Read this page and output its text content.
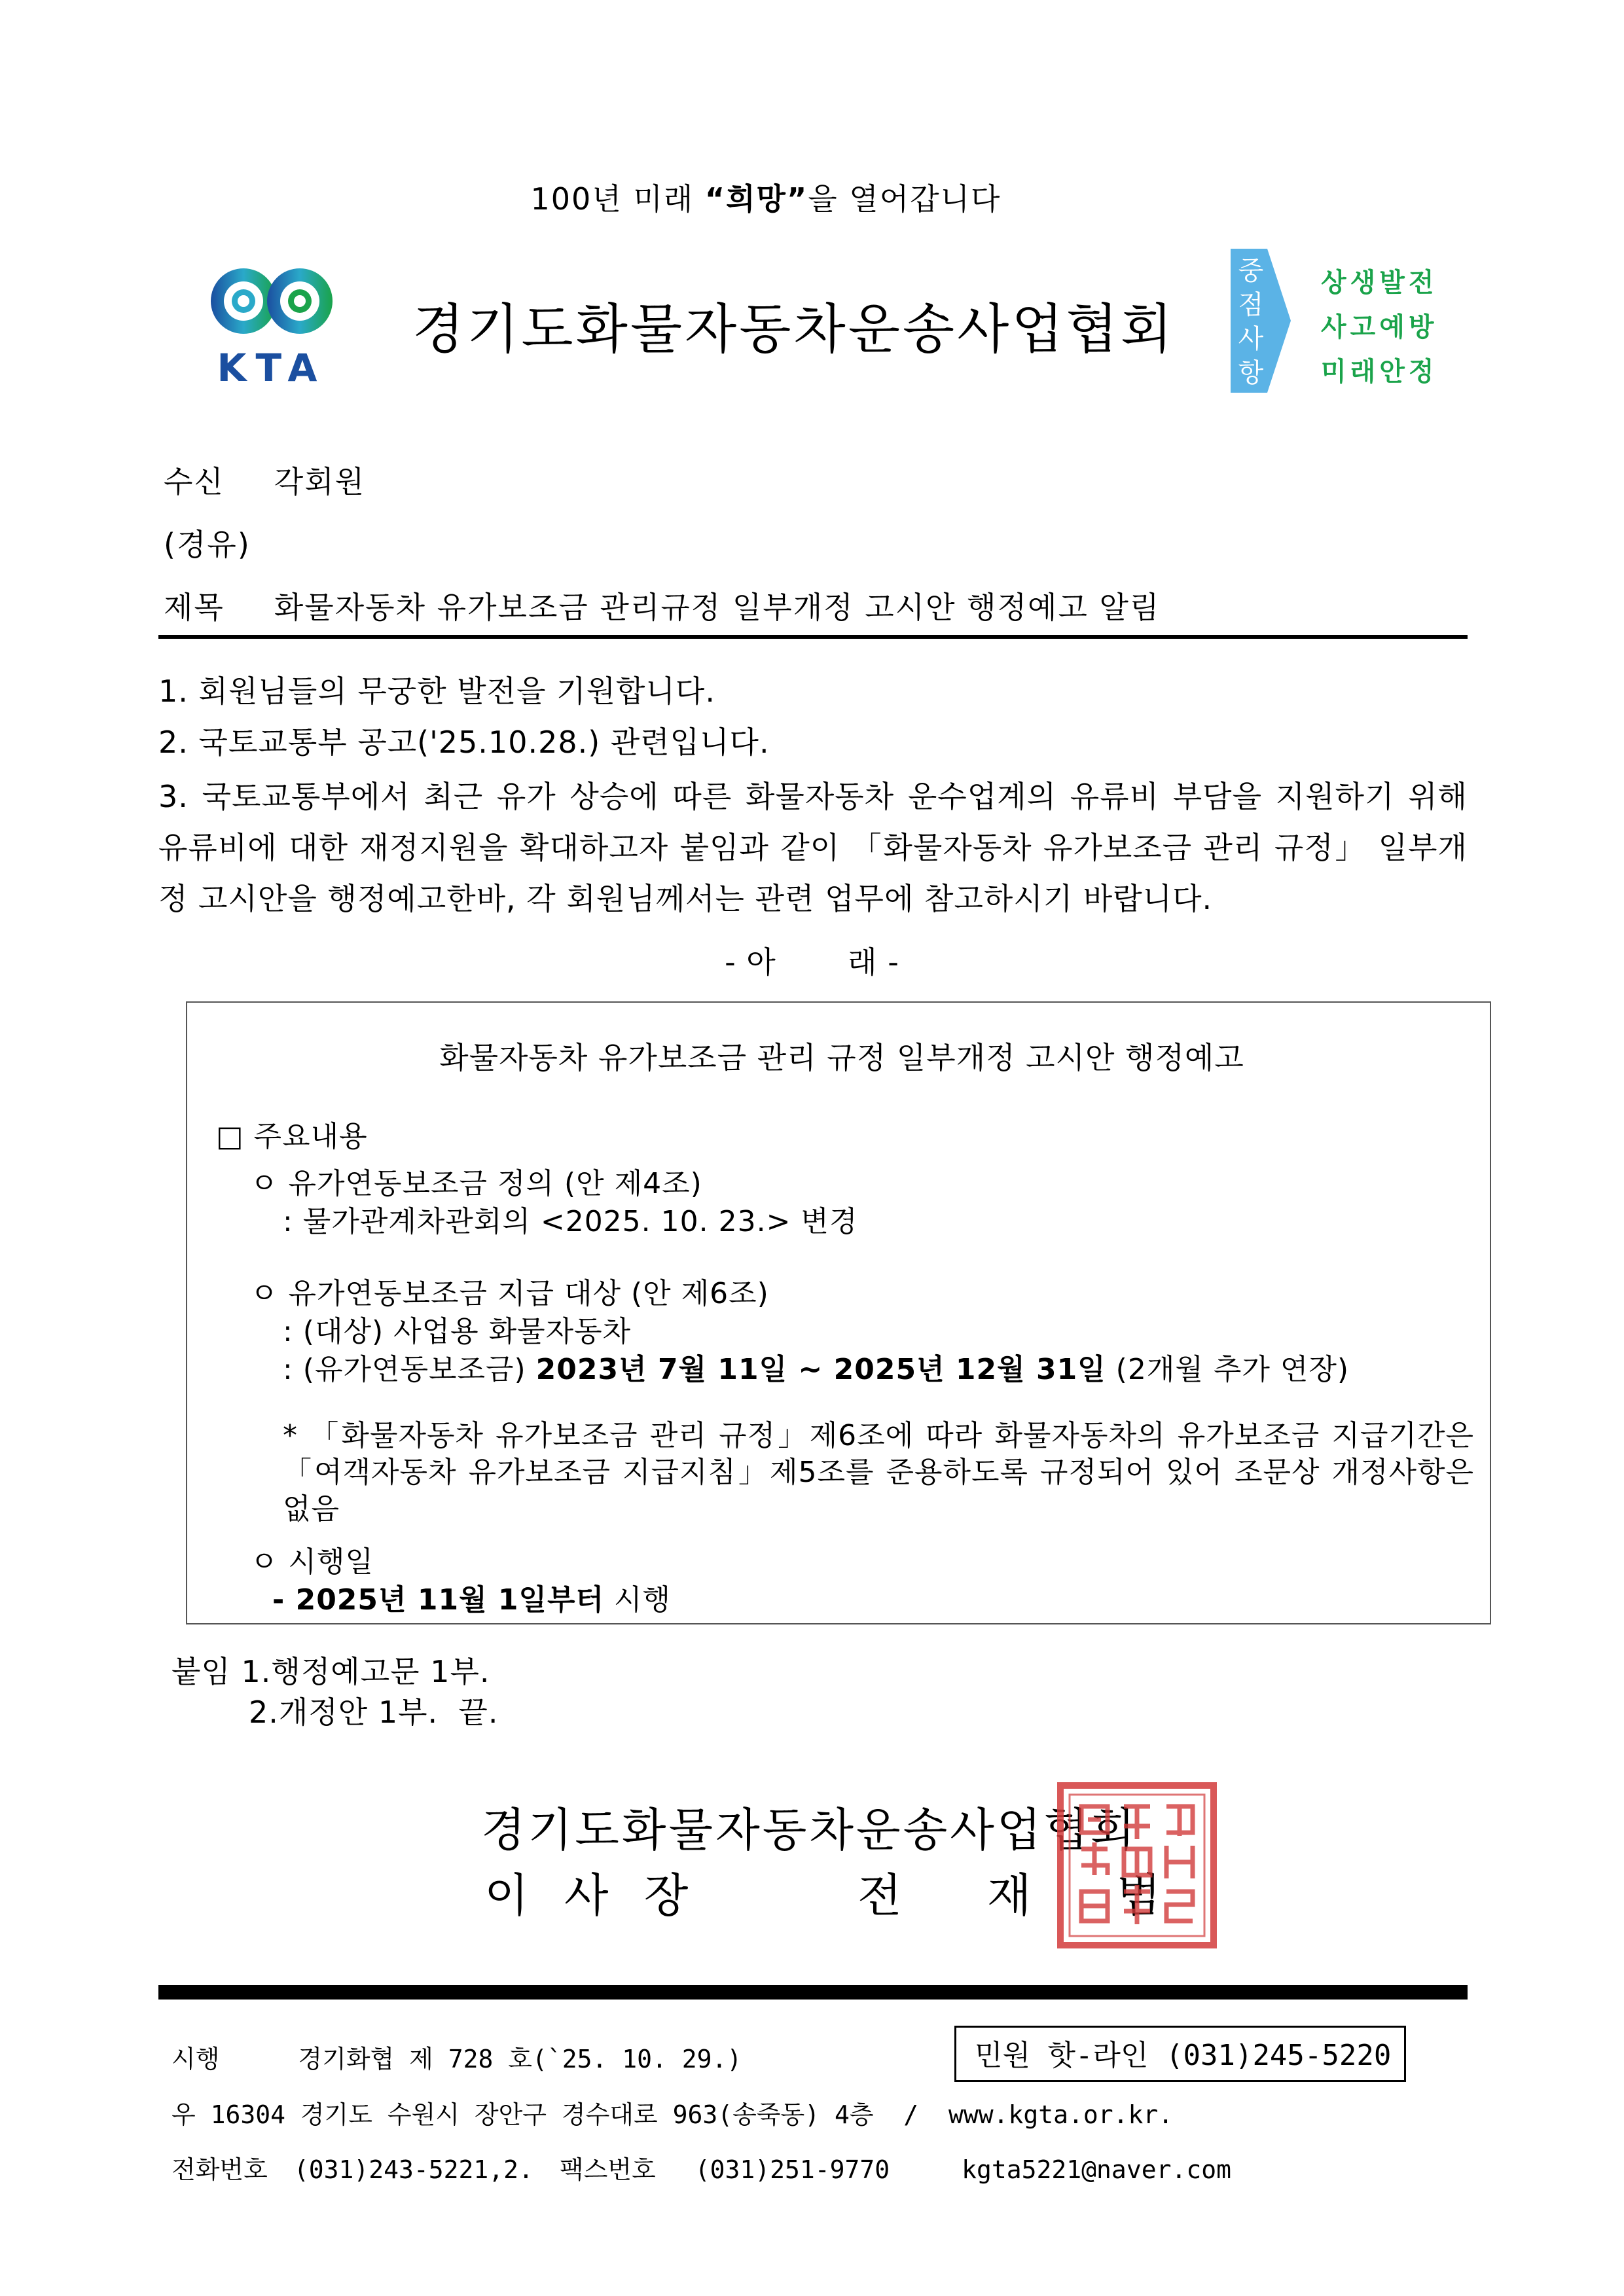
100년 미래 “희망”을 열어갑니다
KTA
경기도화물자동차운송사업협회
중점사항
상생발전
사고예방
미래안정
수신 각회원
(경유)
제목 화물자동차 유가보조금 관리규정 일부개정 고시안 행정예고 알림
1. 회원님들의 무궁한 발전을 기원합니다.
2. 국토교통부 공고('25.10.28.) 관련입니다.
3. 국토교통부에서 최근 유가 상승에 따른 화물자동차 운수업계의 유류비 부담을 지원하기 위해 유류비에 대한 재정지원을 확대하고자 붙임과 같이 「화물자동차 유가보조금 관리 규정」 일부개정 고시안을 행정예고한바, 각 회원님께서는 관련 업무에 참고하시기 바랍니다.
- 아       래 -
화물자동차 유가보조금 관리 규정 일부개정 고시안 행정예고
□ 주요내용
ㅇ 유가연동보조금 정의 (안 제4조)
: 물가관계차관회의 <2025. 10. 23.> 변경
ㅇ 유가연동보조금 지급 대상 (안 제6조)
: (대상) 사업용 화물자동차
: (유가연동보조금) 2023년 7월 11일 ~ 2025년 12월 31일 (2개월 추가 연장)
* 「화물자동차 유가보조금 관리 규정」제6조에 따라 화물자동차의 유가보조금 지급기간은「여객자동차 유가보조금 지급지침」제5조를 준용하도록 규정되어 있어 조문상 개정사항은 없음
ㅇ 시행일
- 2025년 11월 1일부터 시행
붙임 1.행정예고문 1부.
2.개정안 1부.  끝.
경기도화물자동차운송사업협회
이 사 장	전 재 범
시행	경기화협 제 728 호(`25. 10. 29.)	민원 핫-라인 (031)245-5220
우 16304 경기도 수원시 장안구 경수대로 963(송죽동) 4층  /  www.kgta.or.kr.
전화번호 (031)243-5221,2. 팩스번호 (031)251-9770	kgta5221@naver.com
